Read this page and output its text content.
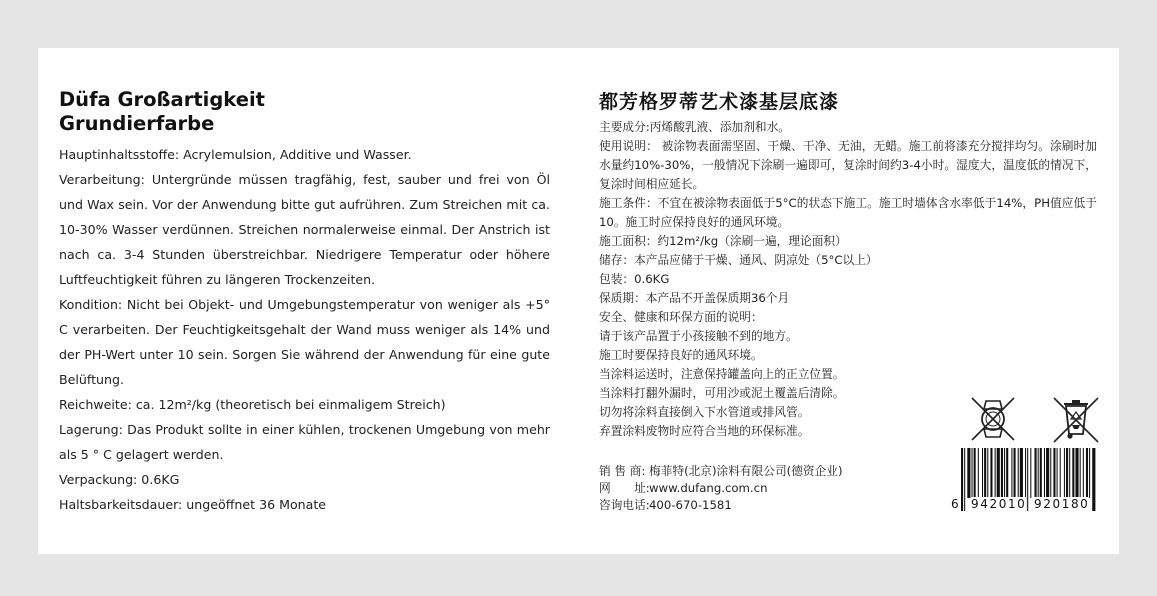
Düfa Großartigkeit
Grundierfarbe

Hauptinhaltsstoffe: Acrylemulsion, Additive und Wasser.

Verarbeitung: Untergründe müssen tragfähig, fest, sauber und frei von Öl und Wax sein. Vor der Anwendung bitte gut aufrühren. Zum Streichen mit ca. 10-30% Wasser verdünnen. Streichen normalerweise einmal. Der Anstrich ist nach ca. 3-4 Stunden überstreichbar. Niedrigere Temperatur oder höhere Luftfeuchtigkeit führen zu längeren Trockenzeiten.

Kondition: Nicht bei Objekt- und Umgebungstemperatur von weniger als +5° C verarbeiten. Der Feuchtigkeitsgehalt der Wand muss weniger als 14% und der PH-Wert unter 10 sein. Sorgen Sie während der Anwendung für eine gute Belüftung.

Reichweite: ca. 12m²/kg (theoretisch bei einmaligem Streich)

Lagerung: Das Produkt sollte in einer kühlen, trockenen Umgebung von mehr als 5 ° C gelagert werden.

Verpackung: 0.6KG

Haltsbarkeitsdauer: ungeöffnet 36 Monate

都芳格罗蒂艺术漆基层底漆

主要成分:丙烯酸乳液、添加剂和水。

使用说明： 被涂物表面需坚固、干燥、干净、无油，无蜡。施工前将漆充分搅拌均匀。涂刷时加水量约10%-30%，一般情况下涂刷一遍即可，复涂时间约3-4小时。湿度大，温度低的情况下，复涂时间相应延长。

施工条件：不宜在被涂物表面低于5°C的状态下施工。施工时墙体含水率低于14%，PH值应低于10。施工时应保持良好的通风环境。

施工面积：约12m²/kg（涂刷一遍，理论面积）

储存：本产品应储于干燥、通风、阴凉处（5°C以上）

包装：0.6KG

保质期：本产品不开盖保质期36个月

安全、健康和环保方面的说明：

请于该产品置于小孩接触不到的地方。

施工时要保持良好的通风环境。

当涂料运送时，注意保持罐盖向上的正立位置。

当涂料打翻外漏时，可用沙或泥土覆盖后清除。

切勿将涂料直接倒入下水管道或排风管。

弃置涂料废物时应符合当地的环保标准。

销 售 商: 梅菲特(北京)涂料有限公司(德资企业)

网　　址:www.dufang.com.cn

咨询电话:400-670-1581	6 942010 920180
